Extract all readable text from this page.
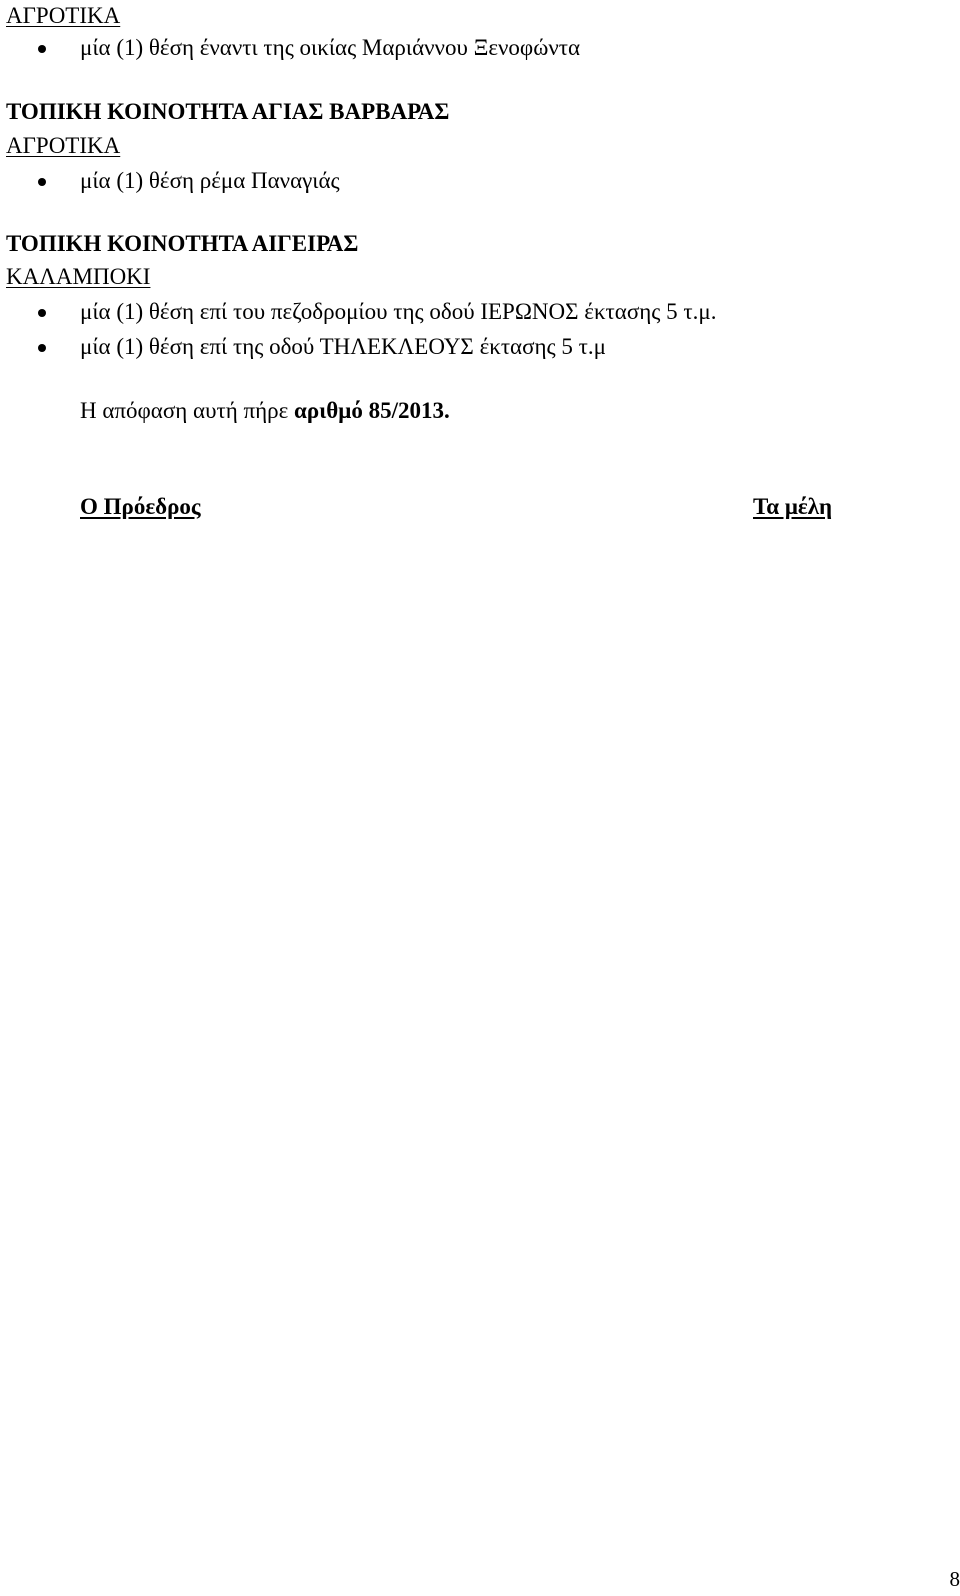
ΑΓΡΟΤΙΚΑ
μία (1) θέση έναντι της οικίας Μαριάννου Ξενοφώντα
ΤΟΠΙΚΗ ΚΟΙΝΟΤΗΤΑ ΑΓΙΑΣ ΒΑΡΒΑΡΑΣ
ΑΓΡΟΤΙΚΑ
μία (1) θέση ρέμα Παναγιάς
ΤΟΠΙΚΗ ΚΟΙΝΟΤΗΤΑ ΑΙΓΕΙΡΑΣ
ΚΑΛΑΜΠΟΚΙ
μία (1) θέση επί του πεζοδρομίου της οδού ΙΕΡΩΝΟΣ έκτασης 5 τ.μ.
μία (1) θέση επί της οδού ΤΗΛΕΚΛΕΟΥΣ έκτασης 5 τ.μ
Η απόφαση αυτή πήρε αριθμό 85/2013.
Ο Πρόεδρος	Τα μέλη
8
